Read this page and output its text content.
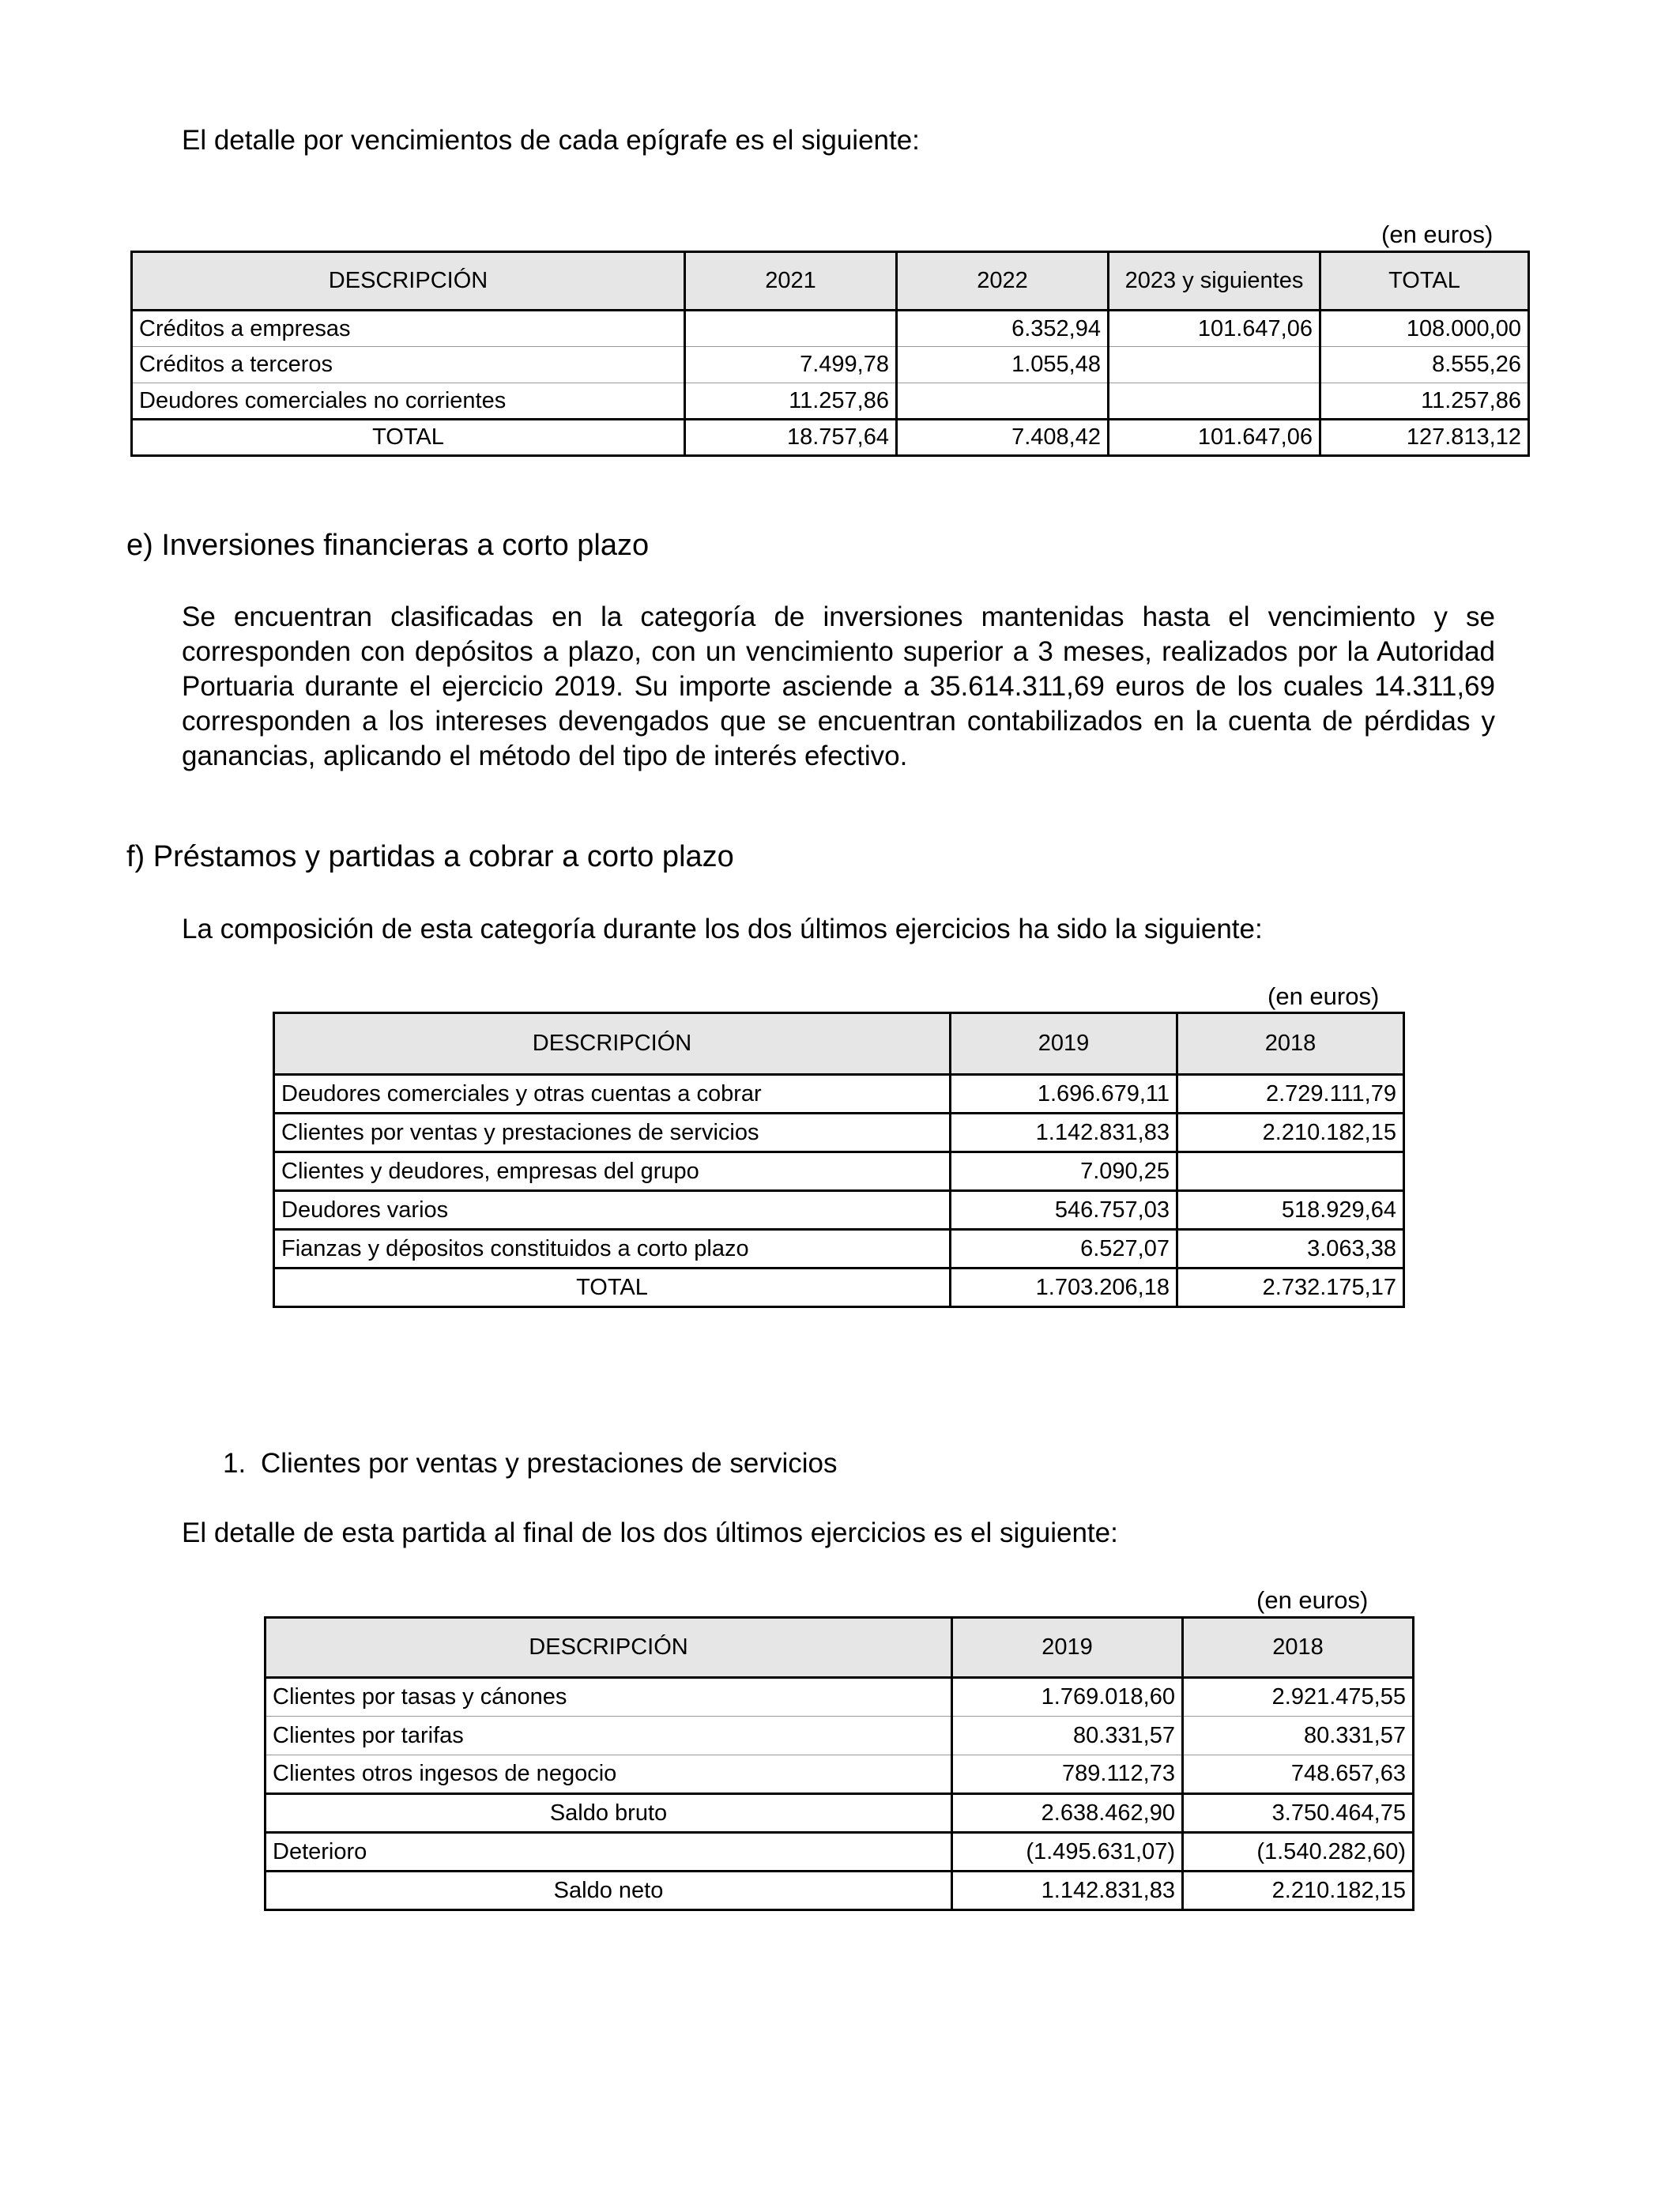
El detalle por vencimientos de cada epígrafe es el siguiente:
(en euros)
DESCRIPCIÓN	2021	2022	2023 y siguientes	TOTAL
Créditos a empresas		6.352,94	101.647,06	108.000,00
Créditos a terceros	7.499,78	1.055,48		8.555,26
Deudores comerciales no corrientes	11.257,86			11.257,86
TOTAL	18.757,64	7.408,42	101.647,06	127.813,12
e) Inversiones financieras a corto plazo
Se encuentran clasificadas en la categoría de inversiones mantenidas hasta el vencimiento y se corresponden con depósitos a plazo, con un vencimiento superior a 3 meses, realizados por la Autoridad Portuaria durante el ejercicio 2019. Su importe asciende a 35.614.311,69 euros de los cuales 14.311,69 corresponden a los intereses devengados que se encuentran contabilizados en la cuenta de pérdidas y ganancias, aplicando el método del tipo de interés efectivo.
f) Préstamos y partidas a cobrar a corto plazo
La composición de esta categoría durante los dos últimos ejercicios ha sido la siguiente:
(en euros)
DESCRIPCIÓN	2019	2018
Deudores comerciales y otras cuentas a cobrar	1.696.679,11	2.729.111,79
Clientes por ventas y prestaciones de servicios	1.142.831,83	2.210.182,15
Clientes y deudores, empresas del grupo	7.090,25	
Deudores varios	546.757,03	518.929,64
Fianzas y dépositos constituidos a corto plazo	6.527,07	3.063,38
TOTAL	1.703.206,18	2.732.175,17
1. Clientes por ventas y prestaciones de servicios
El detalle de esta partida al final de los dos últimos ejercicios es el siguiente:
(en euros)
DESCRIPCIÓN	2019	2018
Clientes por tasas y cánones	1.769.018,60	2.921.475,55
Clientes por tarifas	80.331,57	80.331,57
Clientes otros ingesos de negocio	789.112,73	748.657,63
Saldo bruto	2.638.462,90	3.750.464,75
Deterioro	(1.495.631,07)	(1.540.282,60)
Saldo neto	1.142.831,83	2.210.182,15
